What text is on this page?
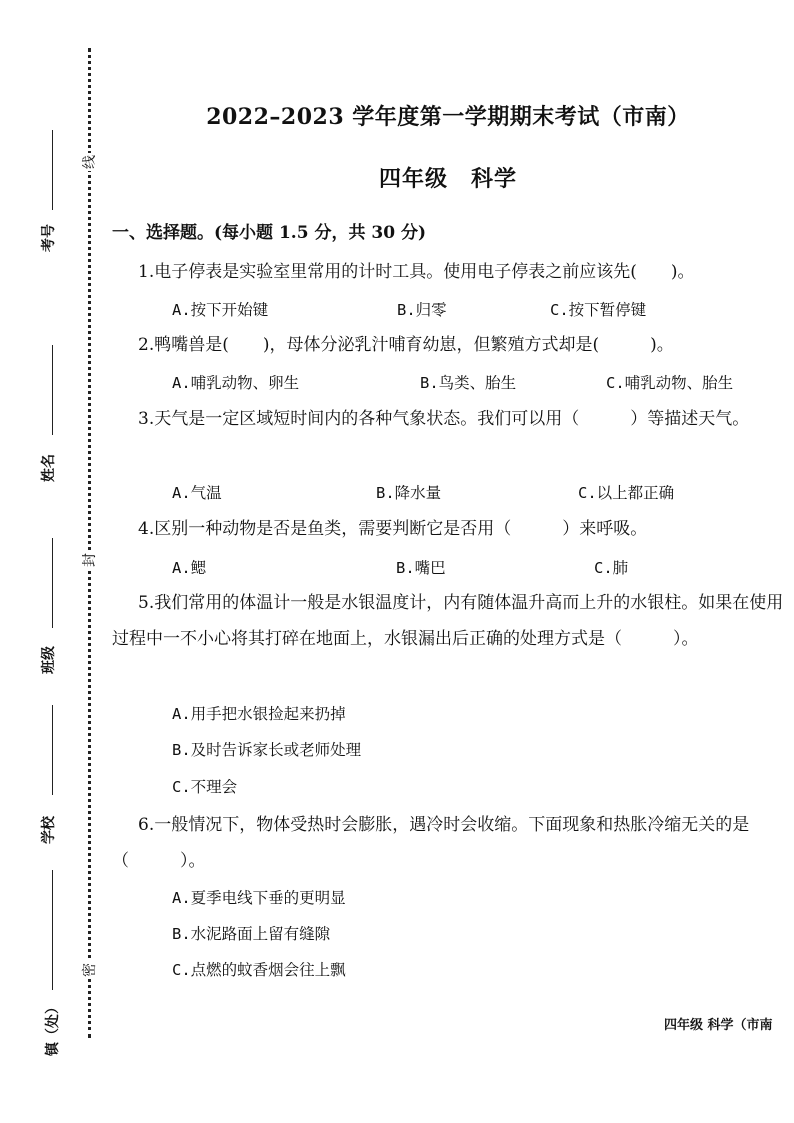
线
封
密
考号
姓名
班级
学校
镇（处）
2022–2023 学年度第一学期期末考试（市南）
四年级　科学
一、选择题。(每小题 1.5 分，共 30 分)
1.电子停表是实验室里常用的计时工具。使用电子停表之前应该先(　　)。
A.按下开始键	B.归零	C.按下暂停键
2.鸭嘴兽是(　　)，母体分泌乳汁哺育幼崽，但繁殖方式却是(　　　)。
A.哺乳动物、卵生	B.鸟类、胎生	C.哺乳动物、胎生
3.天气是一定区域短时间内的各种气象状态。我们可以用（　　　）等描述天气。
A.气温	B.降水量	C.以上都正确
4.区别一种动物是否是鱼类，需要判断它是否用（　　　）来呼吸。
A.鳃	B.嘴巴	C.肺
5.我们常用的体温计一般是水银温度计，内有随体温升高而上升的水银柱。如果在使用过程中一不小心将其打碎在地面上，水银漏出后正确的处理方式是（　　　）。
A.用手把水银捡起来扔掉
B.及时告诉家长或老师处理
C.不理会
6.一般情况下，物体受热时会膨胀，遇冷时会收缩。下面现象和热胀冷缩无关的是（　　　）。
A.夏季电线下垂的更明显
B.水泥路面上留有缝隙
C.点燃的蚊香烟会往上飘
四年级 科学（市南
